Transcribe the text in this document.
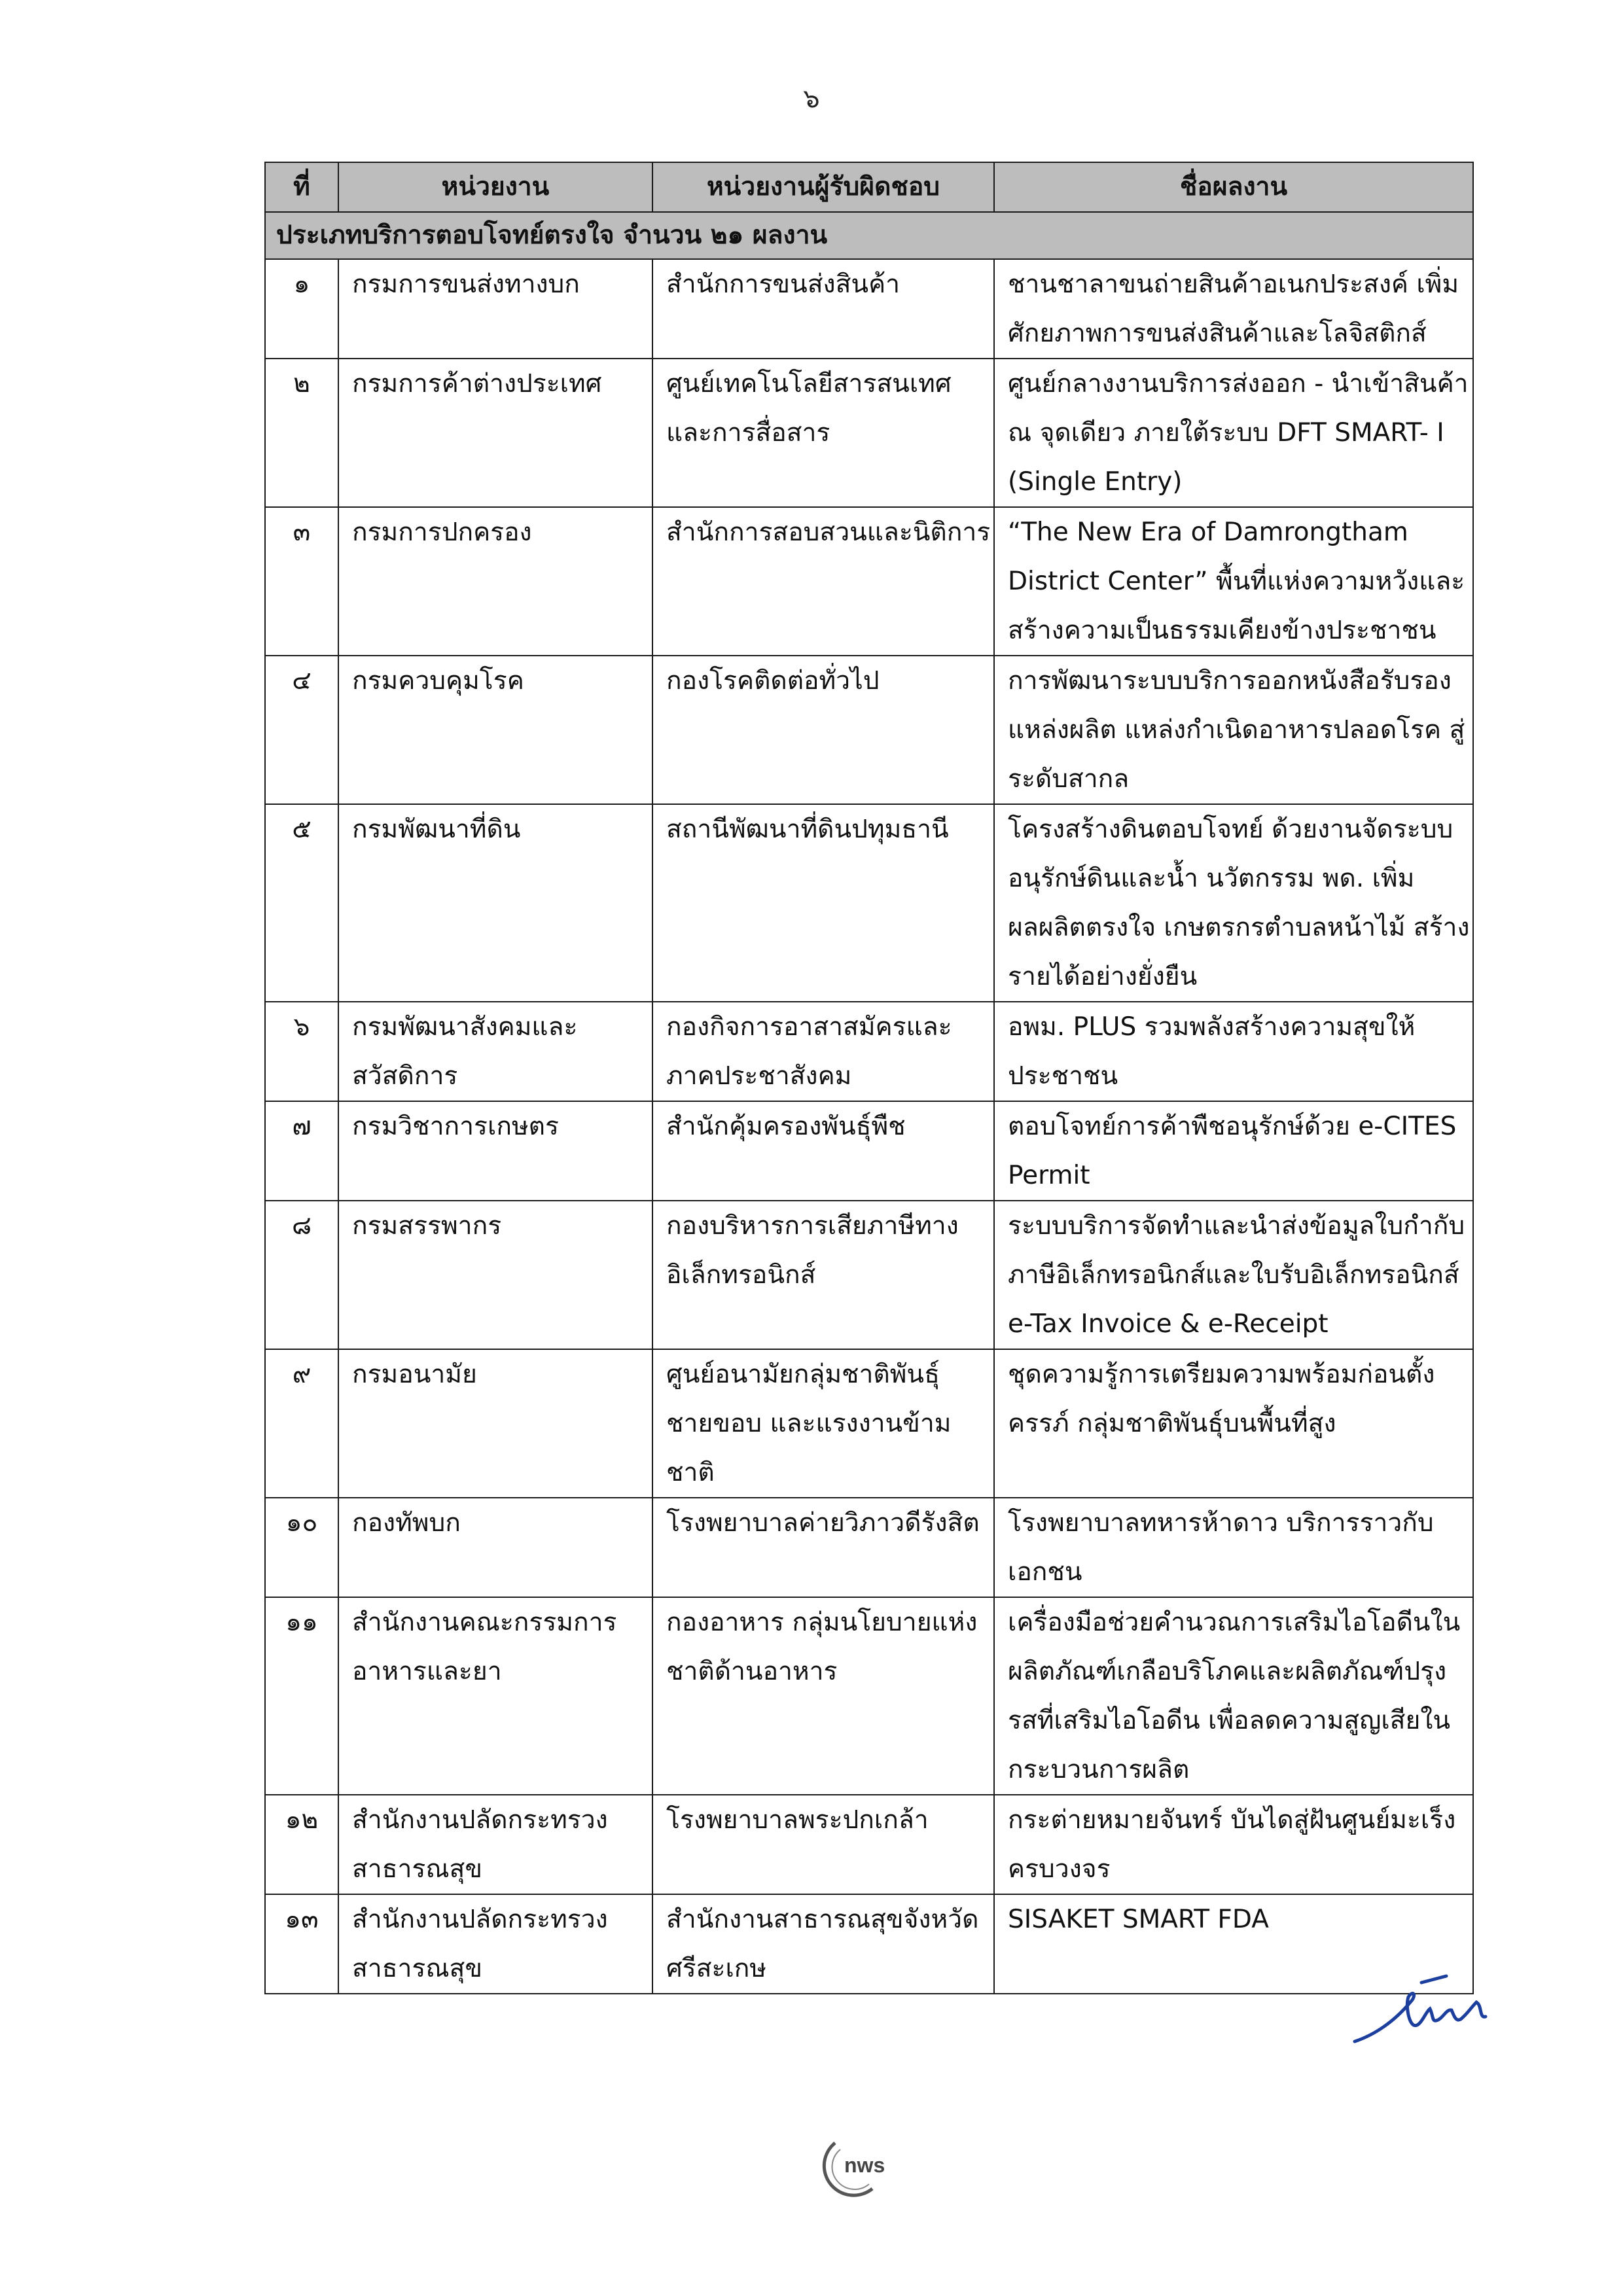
๖
ที่	หน่วยงาน	หน่วยงานผู้รับผิดชอบ	ชื่อผลงาน
ประเภทบริการตอบโจทย์ตรงใจ จำนวน ๒๑ ผลงาน			
๑	กรมการขนส่งทางบก	สำนักการขนส่งสินค้า	ชานชาลาขนถ่ายสินค้าอเนกประสงค์ เพิ่มศักยภาพการขนส่งสินค้าและโลจิสติกส์
๒	กรมการค้าต่างประเทศ	ศูนย์เทคโนโลยีสารสนเทศและการสื่อสาร	ศูนย์กลางงานบริการส่งออก - นำเข้าสินค้า ณ จุดเดียว ภายใต้ระบบ DFT SMART- I (Single Entry)
๓	กรมการปกครอง	สำนักการสอบสวนและนิติการ	“The New Era of Damrongtham District Center” พื้นที่แห่งความหวังและสร้างความเป็นธรรมเคียงข้างประชาชน
๔	กรมควบคุมโรค	กองโรคติดต่อทั่วไป	การพัฒนาระบบบริการออกหนังสือรับรองแหล่งผลิต แหล่งกำเนิดอาหารปลอดโรค สู่ระดับสากล
๕	กรมพัฒนาที่ดิน	สถานีพัฒนาที่ดินปทุมธานี	โครงสร้างดินตอบโจทย์ ด้วยงานจัดระบบอนุรักษ์ดินและน้ำ นวัตกรรม พด. เพิ่มผลผลิตตรงใจ เกษตรกรตำบลหน้าไม้ สร้างรายได้อย่างยั่งยืน
๖	กรมพัฒนาสังคมและสวัสดิการ	กองกิจการอาสาสมัครและภาคประชาสังคม	อพม. PLUS รวมพลังสร้างความสุขให้ประชาชน
๗	กรมวิชาการเกษตร	สำนักคุ้มครองพันธุ์พืช	ตอบโจทย์การค้าพืชอนุรักษ์ด้วย e-CITES Permit
๘	กรมสรรพากร	กองบริหารการเสียภาษีทางอิเล็กทรอนิกส์	ระบบบริการจัดทำและนำส่งข้อมูลใบกำกับภาษีอิเล็กทรอนิกส์และใบรับอิเล็กทรอนิกส์ e-Tax Invoice & e-Receipt
๙	กรมอนามัย	ศูนย์อนามัยกลุ่มชาติพันธุ์ ชายขอบ และแรงงานข้ามชาติ	ชุดความรู้การเตรียมความพร้อมก่อนตั้งครรภ์ กลุ่มชาติพันธุ์บนพื้นที่สูง
๑๐	กองทัพบก	โรงพยาบาลค่ายวิภาวดีรังสิต	โรงพยาบาลทหารห้าดาว บริการราวกับเอกชน
๑๑	สำนักงานคณะกรรมการอาหารและยา	กองอาหาร กลุ่มนโยบายแห่งชาติด้านอาหาร	เครื่องมือช่วยคำนวณการเสริมไอโอดีนในผลิตภัณฑ์เกลือบริโภคและผลิตภัณฑ์ปรุงรสที่เสริมไอโอดีน เพื่อลดความสูญเสียในกระบวนการผลิต
๑๒	สำนักงานปลัดกระทรวงสาธารณสุข	โรงพยาบาลพระปกเกล้า	กระต่ายหมายจันทร์ บันไดสู่ฝันศูนย์มะเร็งครบวงจร
๑๓	สำนักงานปลัดกระทรวงสาธารณสุข	สำนักงานสาธารณสุขจังหวัดศรีสะเกษ	SISAKET SMART FDA
nws
